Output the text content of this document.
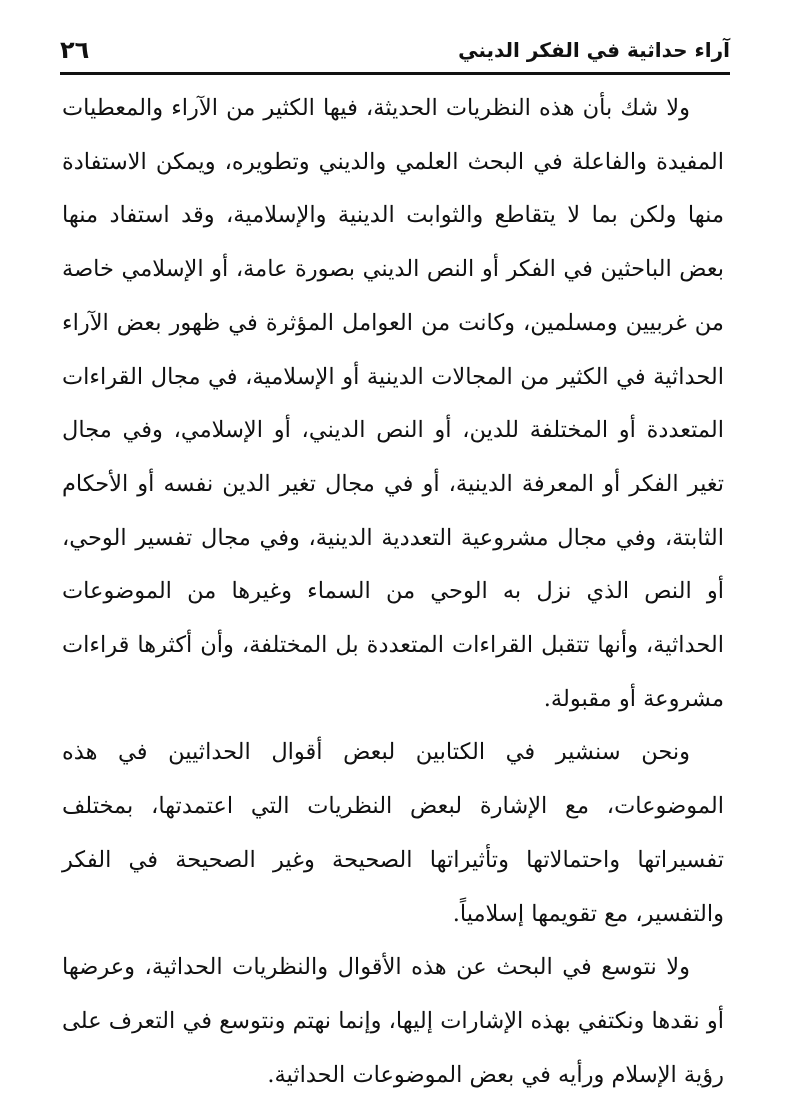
آراء حداثية في الفكر الديني
٢٦

ولا شك بأن هذه النظريات الحديثة، فيها الكثير من الآراء والمعطيات المفيدة والفاعلة في البحث العلمي والديني وتطويره، ويمكن الاستفادة منها ولكن بما لا يتقاطع والثوابت الدينية والإسلامية، وقد استفاد منها بعض الباحثين في الفكر أو النص الديني بصورة عامة، أو الإسلامي خاصة من غربيين ومسلمين، وكانت من العوامل المؤثرة في ظهور بعض الآراء الحداثية في الكثير من المجالات الدينية أو الإسلامية، في مجال القراءات المتعددة أو المختلفة للدين، أو النص الديني، أو الإسلامي، وفي مجال تغير الفكر أو المعرفة الدينية، أو في مجال تغير الدين نفسه أو الأحكام الثابتة، وفي مجال مشروعية التعددية الدينية، وفي مجال تفسير الوحي، أو النص الذي نزل به الوحي من السماء وغيرها من الموضوعات الحداثية، وأنها تتقبل القراءات المتعددة بل المختلفة، وأن أكثرها قراءات مشروعة أو مقبولة.

ونحن سنشير في الكتابين لبعض أقوال الحداثيين في هذه الموضوعات، مع الإشارة لبعض النظريات التي اعتمدتها، بمختلف تفسيراتها واحتمالاتها وتأثيراتها الصحيحة وغير الصحيحة في الفكر والتفسير، مع تقويمها إسلامياً.

ولا نتوسع في البحث عن هذه الأقوال والنظريات الحداثية، وعرضها أو نقدها ونكتفي بهذه الإشارات إليها، وإنما نهتم ونتوسع في التعرف على رؤية الإسلام ورأيه في بعض الموضوعات الحداثية.
